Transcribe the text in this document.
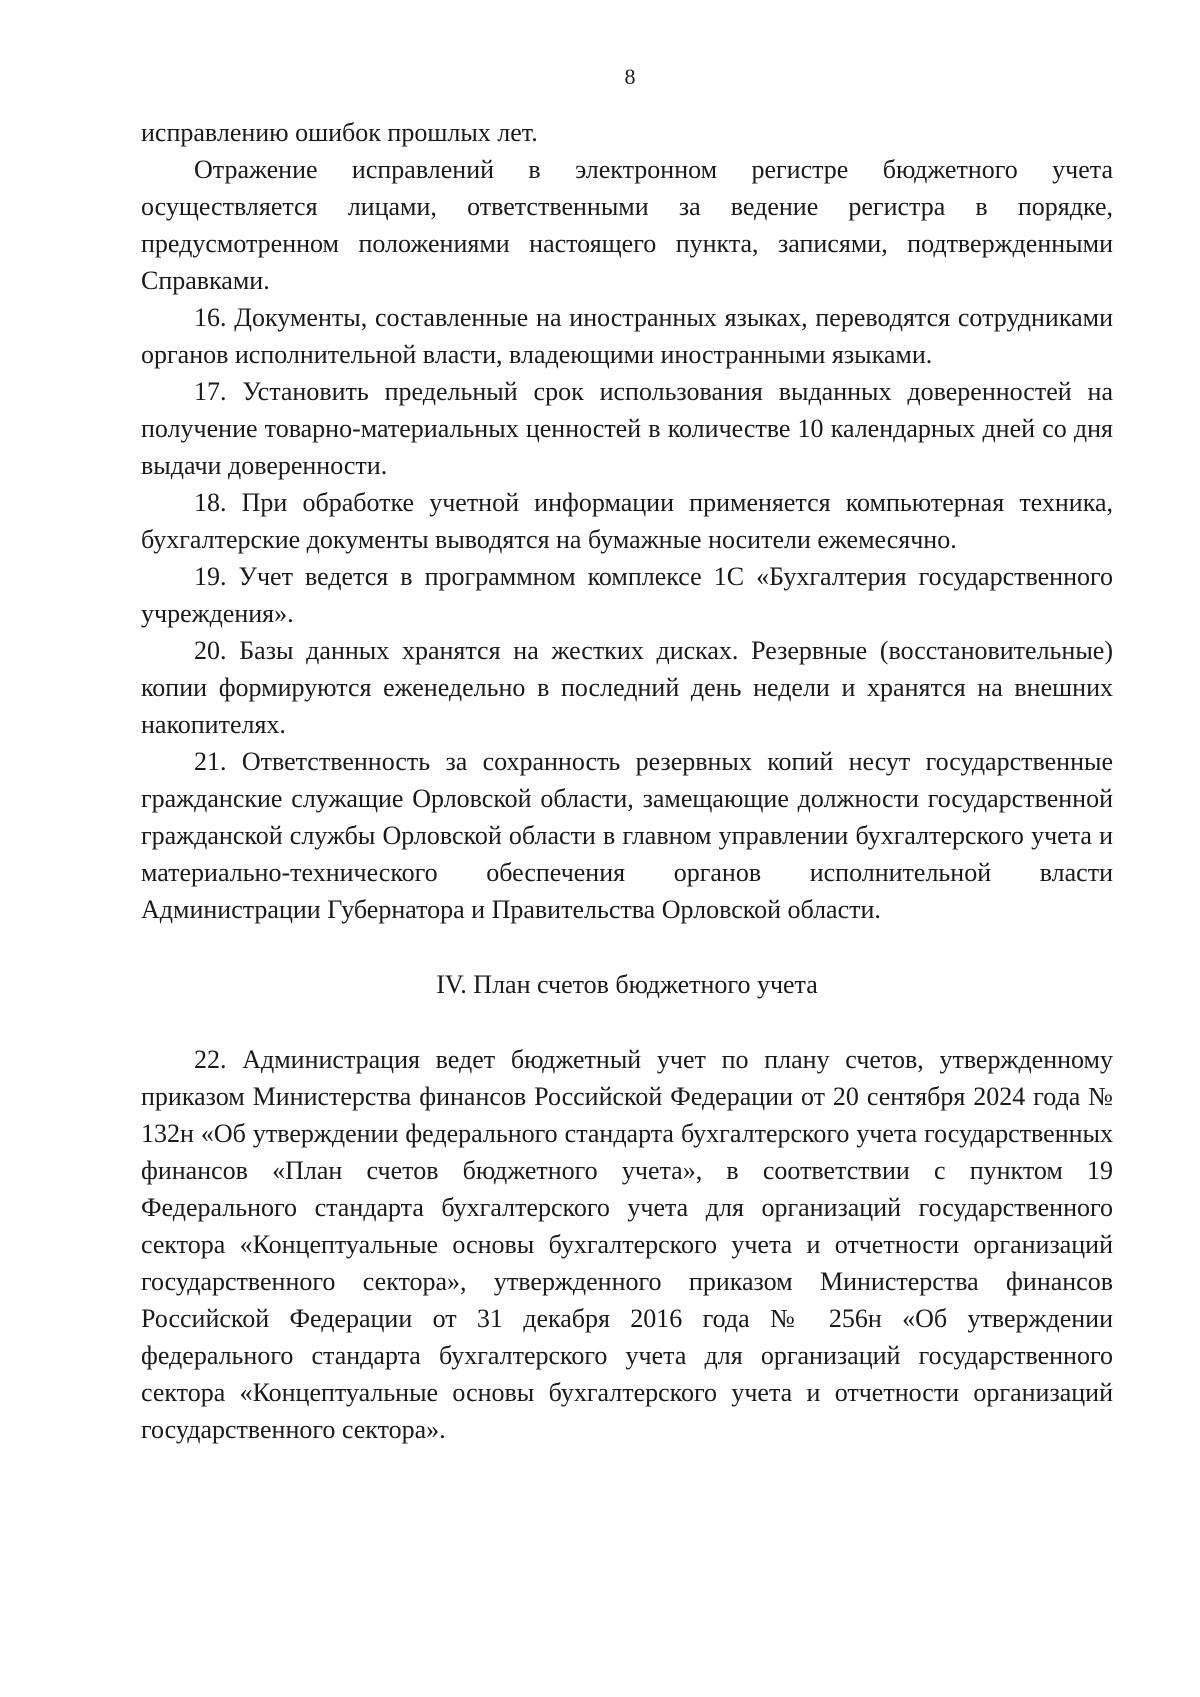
8

исправлению ошибок прошлых лет.

Отражение исправлений в электронном регистре бюджетного учета осуществляется лицами, ответственными за ведение регистра в порядке, предусмотренном положениями настоящего пункта, записями, подтвержденными Справками.

16. Документы, составленные на иностранных языках, переводятся сотрудниками органов исполнительной власти, владеющими иностранными языками.

17. Установить предельный срок использования выданных доверенностей на получение товарно-материальных ценностей в количестве 10 календарных дней со дня выдачи доверенности.

18. При обработке учетной информации применяется компьютерная техника, бухгалтерские документы выводятся на бумажные носители ежемесячно.

19. Учет ведется в программном комплексе 1С «Бухгалтерия государственного учреждения».

20. Базы данных хранятся на жестких дисках. Резервные (восстановительные) копии формируются еженедельно в последний день недели и хранятся на внешних накопителях.

21. Ответственность за сохранность резервных копий несут государственные гражданские служащие Орловской области, замещающие должности государственной гражданской службы Орловской области в главном управлении бухгалтерского учета и материально-технического обеспечения органов исполнительной власти Администрации Губернатора и Правительства Орловской области.

IV. План счетов бюджетного учета

22. Администрация ведет бюджетный учет по плану счетов, утвержденному приказом Министерства финансов Российской Федерации от 20 сентября 2024 года № 132н «Об утверждении федерального стандарта бухгалтерского учета государственных финансов «План счетов бюджетного учета», в соответствии с пунктом 19 Федерального стандарта бухгалтерского учета для организаций государственного сектора «Концептуальные основы бухгалтерского учета и отчетности организаций государственного сектора», утвержденного приказом Министерства финансов Российской Федерации от 31 декабря 2016 года № 256н «Об утверждении федерального стандарта бухгалтерского учета для организаций государственного сектора «Концептуальные основы бухгалтерского учета и отчетности организаций государственного сектора».
